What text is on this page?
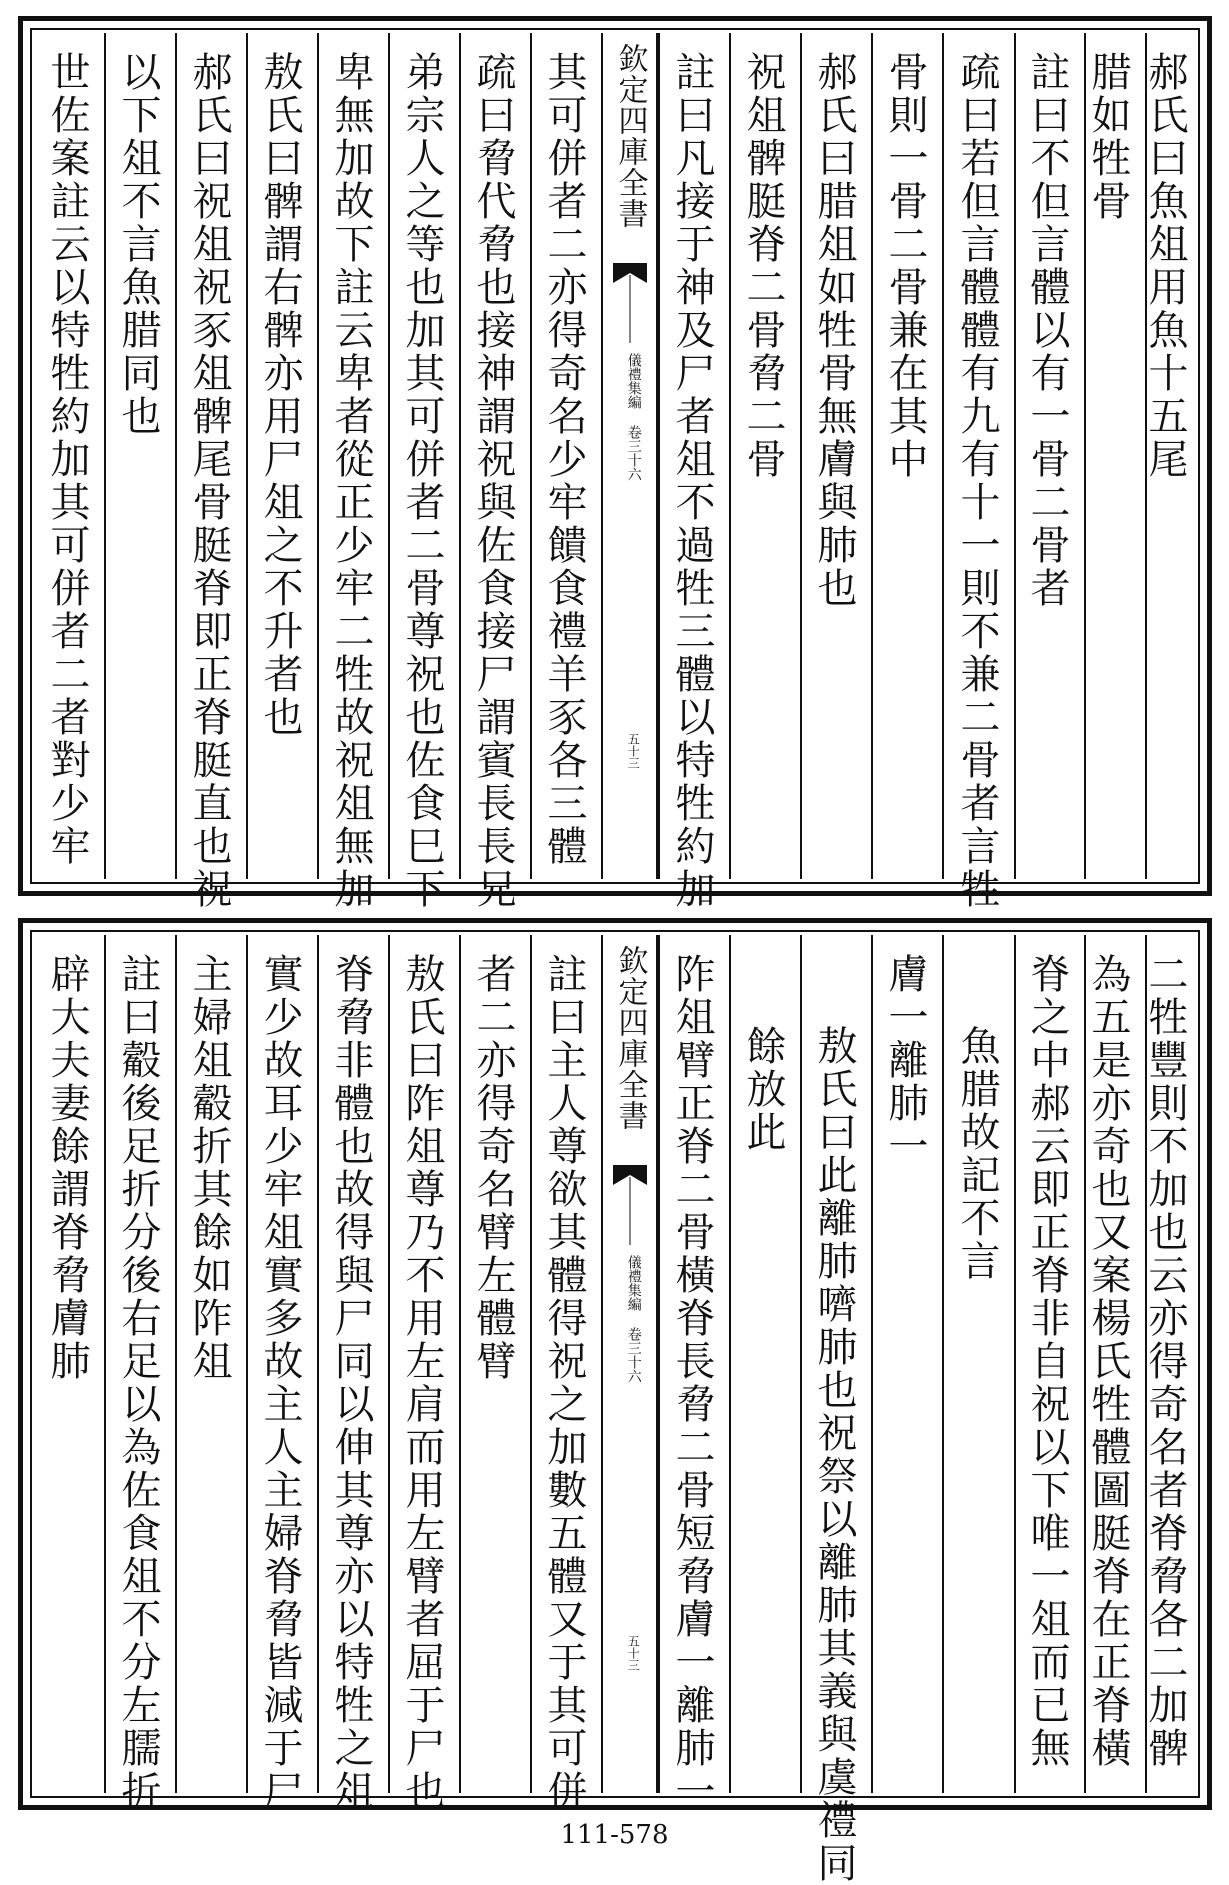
郝氏曰魚俎用魚十五尾
腊如牲骨
註曰不但言體以有一骨二骨者
疏曰若但言體體有九有十一則不兼二骨者言牲
骨則一骨二骨兼在其中
郝氏曰腊俎如牲骨無膚與肺也
祝俎髀脡脊二骨脅二骨
註曰凡接于神及尸者俎不過牲三體以特牲約加
欽定四庫全書
儀禮集編 卷三十六
五十三
其可併者二亦得奇名少牢饋食禮羊豕各三體
疏曰脅代脅也接神謂祝與佐食接尸謂賓長長兄
弟宗人之等也加其可併者二骨尊祝也佐食巳下
卑無加故下註云卑者從正少牢二牲故祝俎無加
敖氏曰髀謂右髀亦用尸俎之不升者也
郝氏曰祝俎祝豕俎髀尾骨脡脊即正脊脡直也祝
以下俎不言魚腊同也
世佐案註云以特牲約加其可併者二者對少牢
二牲豐則不加也云亦得奇名者脊脅各二加髀
為五是亦奇也又案楊氏牲體圖脡脊在正脊橫
脊之中郝云即正脊非自祝以下唯一俎而已無
魚腊故記不言
膚一離肺一
敖氏曰此離肺嚌肺也祝祭以離肺其義與虞禮同
餘放此
阼俎臂正脊二骨橫脊長脅二骨短脅膚一離肺一
欽定四庫全書
儀禮集編 卷三十六
五十三
註曰主人尊欲其體得祝之加數五體又于其可併
者二亦得奇名臂左體臂
敖氏曰阼俎尊乃不用左肩而用左臂者屈于尸也
脊脅非體也故得與尸同以伸其尊亦以特牲之俎
實少故耳少牢俎實多故主人主婦脊脅皆減于尸
主婦俎觳折其餘如阼俎
註曰觳後足折分後右足以為佐食俎不分左臑折
辟大夫妻餘謂脊脅膚肺
111-578
